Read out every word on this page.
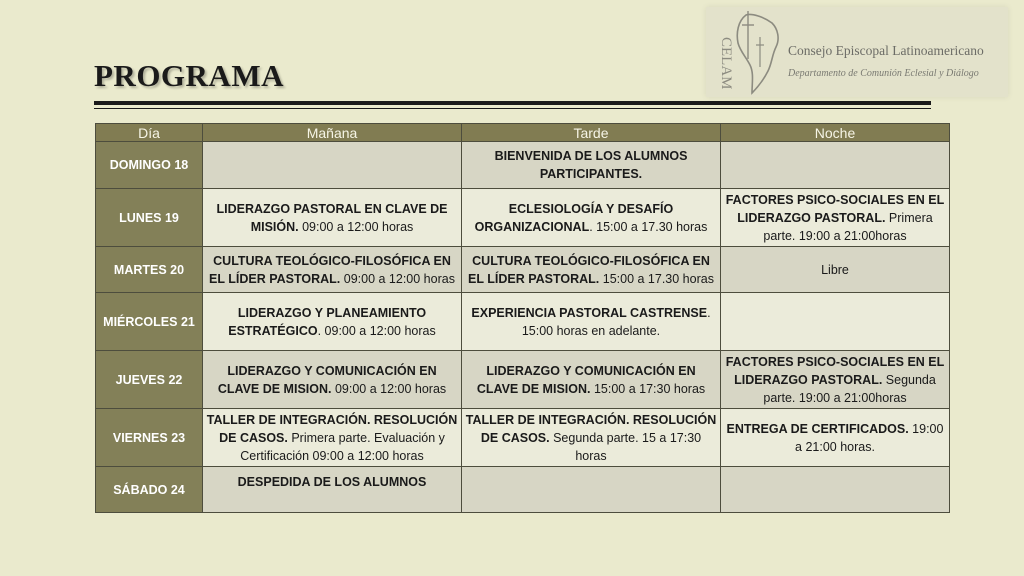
PROGRAMA	CELAM	Consejo Episcopal Latinoamericano
Departamento de Comunión Eclesial y Diálogo
Día	Mañana	Tarde	Noche
DOMINGO 18		BIENVENIDA DE LOS ALUMNOS PARTICIPANTES.	
LUNES 19	LIDERAZGO PASTORAL EN CLAVE DE MISIÓN. 09:00 a 12:00 horas	ECLESIOLOGÍA Y DESAFÍO ORGANIZACIONAL. 15:00 a 17.30 horas	FACTORES PSICO-SOCIALES EN EL LIDERAZGO PASTORAL. Primera parte. 19:00 a 21:00horas
MARTES 20	CULTURA TEOLÓGICO-FILOSÓFICA EN EL LÍDER PASTORAL. 09:00 a 12:00 horas	CULTURA TEOLÓGICO-FILOSÓFICA EN EL LÍDER PASTORAL. 15:00 a 17.30 horas	Libre
MIÉRCOLES 21	LIDERAZGO Y PLANEAMIENTO ESTRATÉGICO. 09:00 a 12:00 horas	EXPERIENCIA PASTORAL CASTRENSE. 15:00 horas en adelante.	
JUEVES 22	LIDERAZGO Y COMUNICACIÓN EN CLAVE DE MISION. 09:00 a 12:00 horas	LIDERAZGO Y COMUNICACIÓN EN CLAVE DE MISION. 15:00 a 17:30 horas	FACTORES PSICO-SOCIALES EN EL LIDERAZGO PASTORAL. Segunda parte. 19:00 a 21:00horas
VIERNES 23	TALLER DE INTEGRACIÓN. RESOLUCIÓN DE CASOS. Primera parte. Evaluación y Certificación 09:00 a 12:00 horas	TALLER DE INTEGRACIÓN. RESOLUCIÓN DE CASOS. Segunda parte. 15 a 17:30 horas	ENTREGA DE CERTIFICADOS. 19:00 a 21:00 horas.
SÁBADO 24	DESPEDIDA DE LOS ALUMNOS		
